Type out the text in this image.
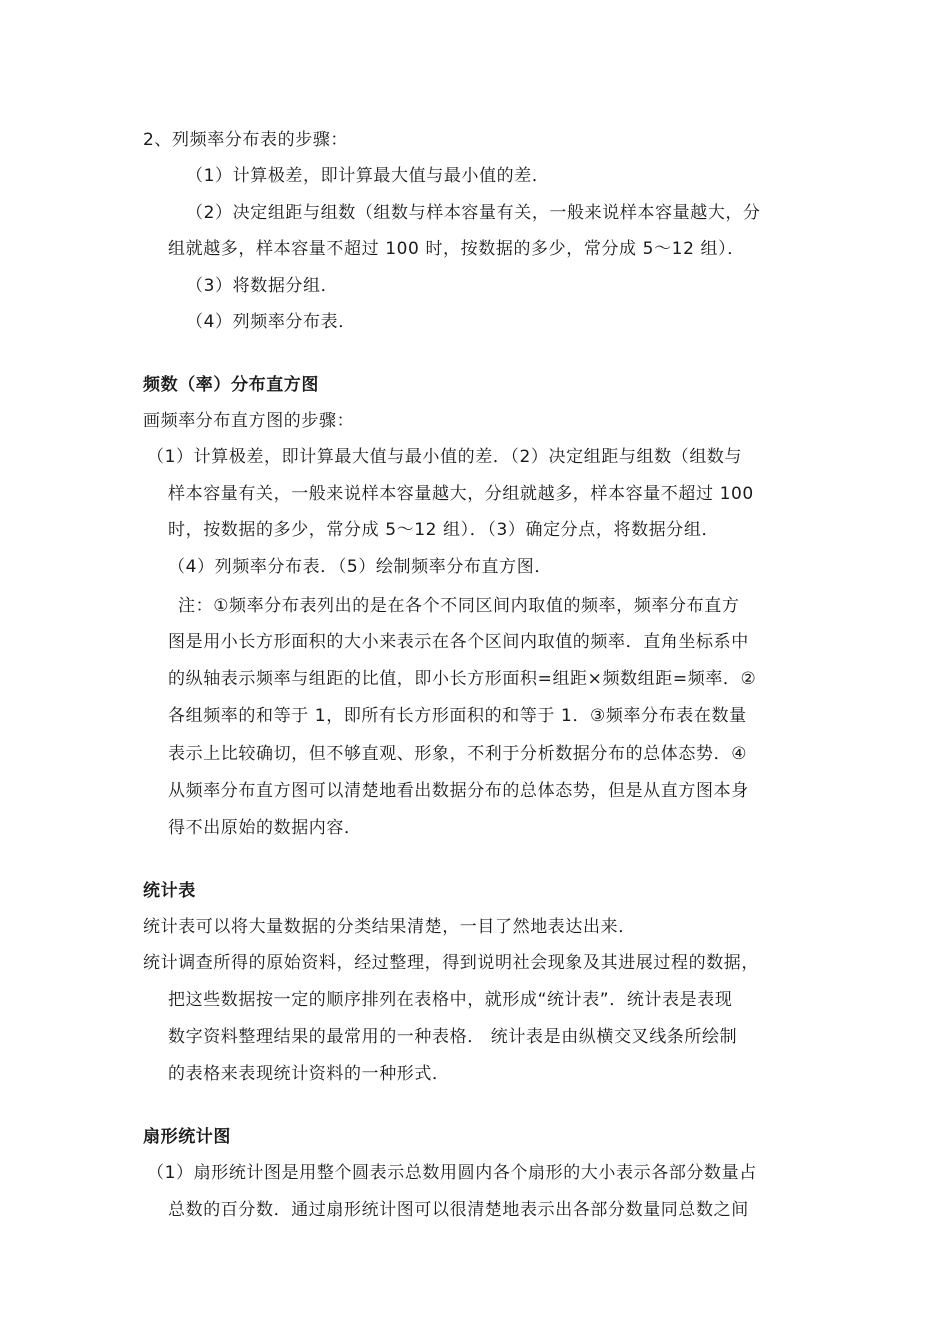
2、列频率分布表的步骤：
（1）计算极差，即计算最大值与最小值的差．
（2）决定组距与组数（组数与样本容量有关，一般来说样本容量越大，分
组就越多，样本容量不超过 100 时，按数据的多少，常分成 5～12 组）．
（3）将数据分组．
（4）列频率分布表．
频数（率）分布直方图
画频率分布直方图的步骤：
（1）计算极差，即计算最大值与最小值的差．（2）决定组距与组数（组数与
样本容量有关，一般来说样本容量越大，分组就越多，样本容量不超过 100
时，按数据的多少，常分成 5～12 组）．（3）确定分点，将数据分组．
（4）列频率分布表．（5）绘制频率分布直方图．
注：①频率分布表列出的是在各个不同区间内取值的频率，频率分布直方
图是用小长方形面积的大小来表示在各个区间内取值的频率．直角坐标系中
的纵轴表示频率与组距的比值，即小长方形面积=组距×频数组距=频率．②
各组频率的和等于 1，即所有长方形面积的和等于 1．③频率分布表在数量
表示上比较确切，但不够直观、形象，不利于分析数据分布的总体态势．④
从频率分布直方图可以清楚地看出数据分布的总体态势，但是从直方图本身
得不出原始的数据内容．
统计表
统计表可以将大量数据的分类结果清楚，一目了然地表达出来．
统计调查所得的原始资料，经过整理，得到说明社会现象及其进展过程的数据，
把这些数据按一定的顺序排列在表格中，就形成“统计表”．统计表是表现
数字资料整理结果的最常用的一种表格． 统计表是由纵横交叉线条所绘制
的表格来表现统计资料的一种形式．
扇形统计图
（1）扇形统计图是用整个圆表示总数用圆内各个扇形的大小表示各部分数量占
总数的百分数．通过扇形统计图可以很清楚地表示出各部分数量同总数之间
